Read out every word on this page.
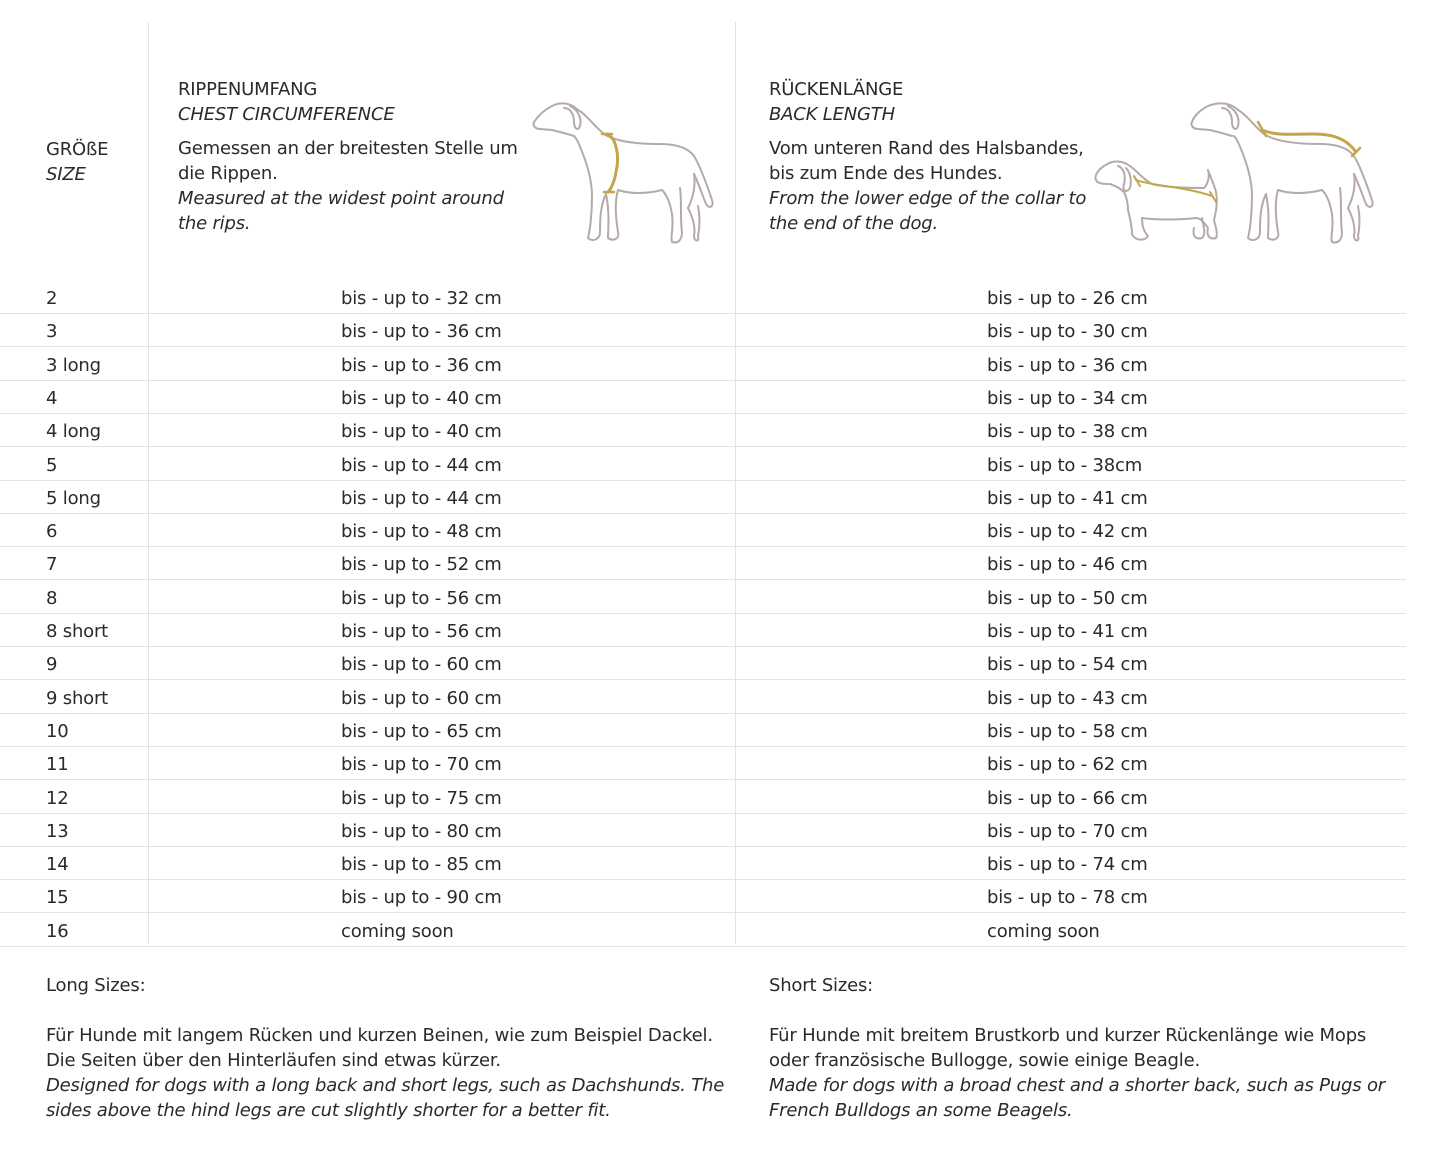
GRÖßE
SIZE
RIPPENUMFANG
CHEST CIRCUMFERENCE
Gemessen an der breitesten Stelle um
die Rippen.
Measured at the widest point around
the rips.
RÜCKENLÄNGE
BACK LENGTH
Vom unteren Rand des Halsbandes,
bis zum Ende des Hundes.
From the lower edge of the collar to
the end of the dog.
2	bis - up to - 32 cm	bis - up to - 26 cm
3	bis - up to - 36 cm	bis - up to - 30 cm
3 long	bis - up to - 36 cm	bis - up to - 36 cm
4	bis - up to - 40 cm	bis - up to - 34 cm
4 long	bis - up to - 40 cm	bis - up to - 38 cm
5	bis - up to - 44 cm	bis - up to - 38cm
5 long	bis - up to - 44 cm	bis - up to - 41 cm
6	bis - up to - 48 cm	bis - up to - 42 cm
7	bis - up to - 52 cm	bis - up to - 46 cm
8	bis - up to - 56 cm	bis - up to - 50 cm
8 short	bis - up to - 56 cm	bis - up to - 41 cm
9	bis - up to - 60 cm	bis - up to - 54 cm
9 short	bis - up to - 60 cm	bis - up to - 43 cm
10	bis - up to - 65 cm	bis - up to - 58 cm
11	bis - up to - 70 cm	bis - up to - 62 cm
12	bis - up to - 75 cm	bis - up to - 66 cm
13	bis - up to - 80 cm	bis - up to - 70 cm
14	bis - up to - 85 cm	bis - up to - 74 cm
15	bis - up to - 90 cm	bis - up to - 78 cm
16	coming soon	coming soon
Long Sizes:
Für Hunde mit langem Rücken und kurzen Beinen, wie zum Beispiel Dackel.
Die Seiten über den Hinterläufen sind etwas kürzer.
Designed for dogs with a long back and short legs, such as Dachshunds. The
sides above the hind legs are cut slightly shorter for a better fit.
Short Sizes:
Für Hunde mit breitem Brustkorb und kurzer Rückenlänge wie Mops
oder französische Bullogge, sowie einige Beagle.
Made for dogs with a broad chest and a shorter back, such as Pugs or
French Bulldogs an some Beagels.
